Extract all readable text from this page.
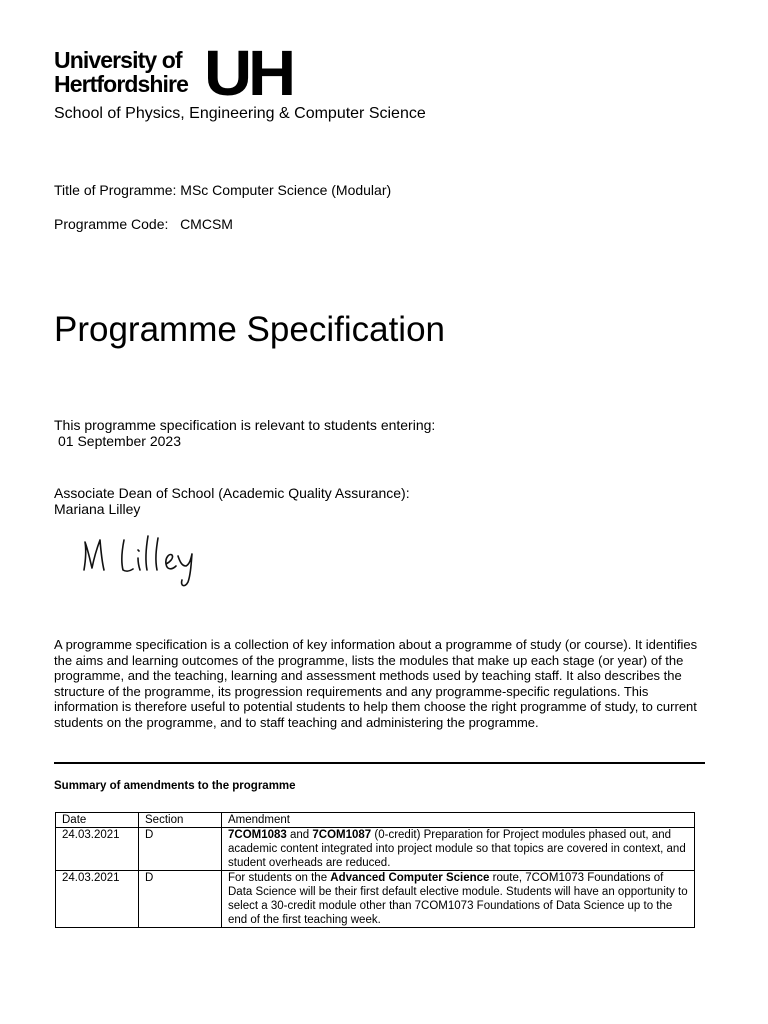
University of
Hertfordshire UH
School of Physics, Engineering & Computer Science
Title of Programme: MSc Computer Science (Modular)
Programme Code: CMCSM
Programme Specification
This programme specification is relevant to students entering:
01 September 2023
Associate Dean of School (Academic Quality Assurance):
Mariana Lilley
A programme specification is a collection of key information about a programme of study (or course). It identifies the aims and learning outcomes of the programme, lists the modules that make up each stage (or year) of the programme, and the teaching, learning and assessment methods used by teaching staff. It also describes the structure of the programme, its progression requirements and any programme-specific regulations. This information is therefore useful to potential students to help them choose the right programme of study, to current students on the programme, and to staff teaching and administering the programme.
Summary of amendments to the programme
Date	Section	Amendment
24.03.2021	D	7COM1083 and 7COM1087 (0-credit) Preparation for Project modules phased out, and academic content integrated into project module so that topics are covered in context, and student overheads are reduced.
24.03.2021	D	For students on the Advanced Computer Science route, 7COM1073 Foundations of Data Science will be their first default elective module. Students will have an opportunity to select a 30-credit module other than 7COM1073 Foundations of Data Science up to the end of the first teaching week.
